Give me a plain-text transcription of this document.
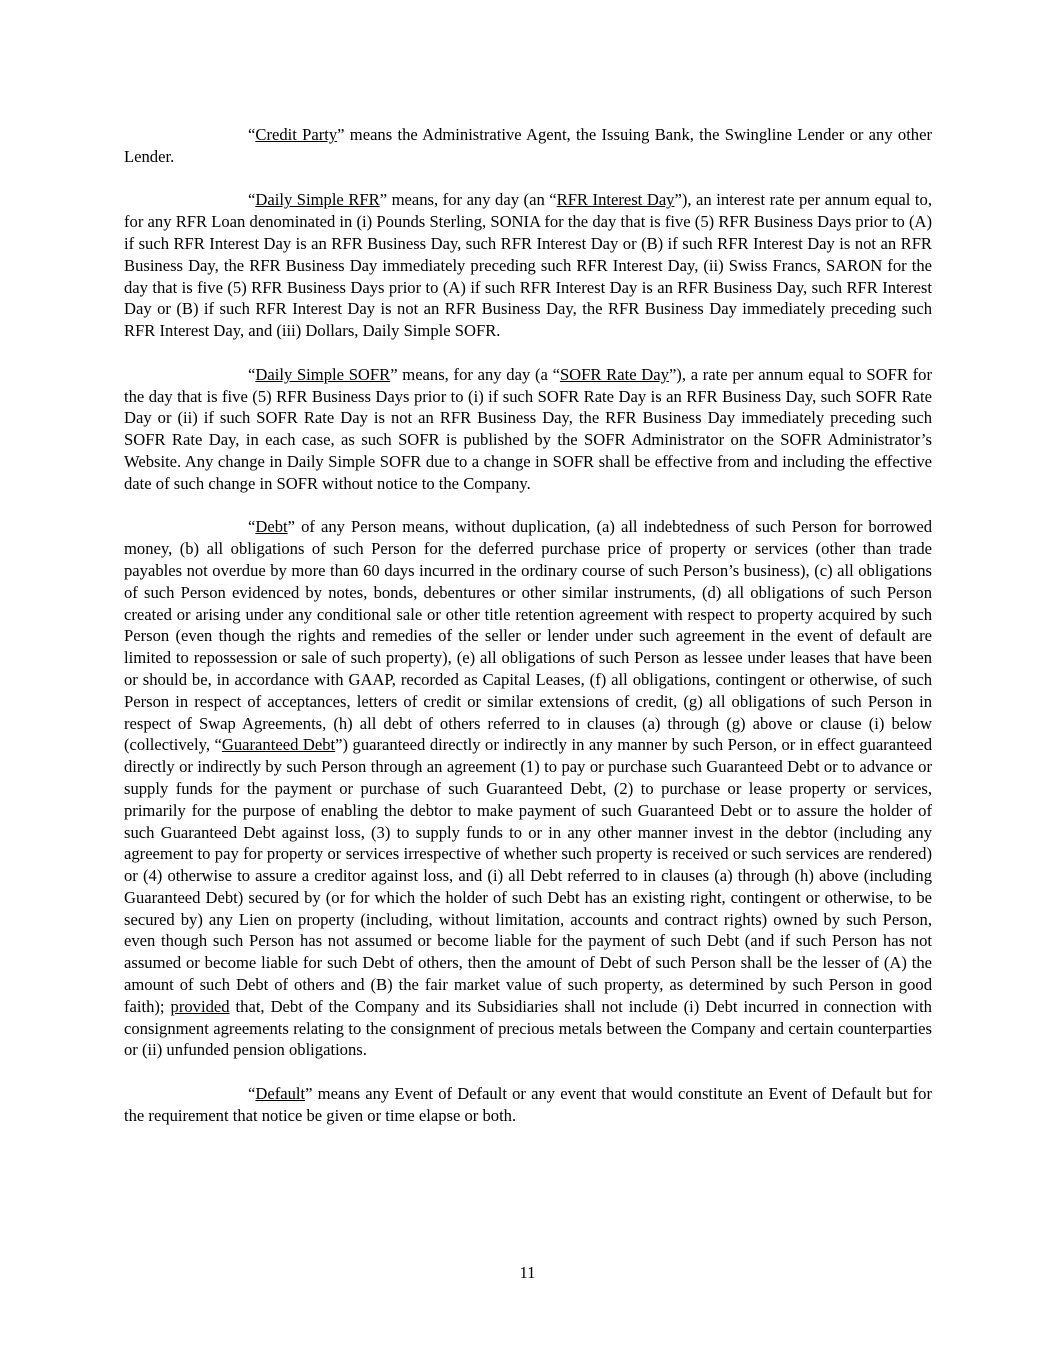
“Credit Party” means the Administrative Agent, the Issuing Bank, the Swingline Lender or any other Lender.

“Daily Simple RFR” means, for any day (an “RFR Interest Day”), an interest rate per annum equal to, for any RFR Loan denominated in (i) Pounds Sterling, SONIA for the day that is five (5) RFR Business Days prior to (A) if such RFR Interest Day is an RFR Business Day, such RFR Interest Day or (B) if such RFR Interest Day is not an RFR Business Day, the RFR Business Day immediately preceding such RFR Interest Day, (ii) Swiss Francs, SARON for the day that is five (5) RFR Business Days prior to (A) if such RFR Interest Day is an RFR Business Day, such RFR Interest Day or (B) if such RFR Interest Day is not an RFR Business Day, the RFR Business Day immediately preceding such RFR Interest Day, and (iii) Dollars, Daily Simple SOFR.

“Daily Simple SOFR” means, for any day (a “SOFR Rate Day”), a rate per annum equal to SOFR for the day that is five (5) RFR Business Days prior to (i) if such SOFR Rate Day is an RFR Business Day, such SOFR Rate Day or (ii) if such SOFR Rate Day is not an RFR Business Day, the RFR Business Day immediately preceding such SOFR Rate Day, in each case, as such SOFR is published by the SOFR Administrator on the SOFR Administrator’s Website. Any change in Daily Simple SOFR due to a change in SOFR shall be effective from and including the effective date of such change in SOFR without notice to the Company.

“Debt” of any Person means, without duplication, (a) all indebtedness of such Person for borrowed money, (b) all obligations of such Person for the deferred purchase price of property or services (other than trade payables not overdue by more than 60 days incurred in the ordinary course of such Person’s business), (c) all obligations of such Person evidenced by notes, bonds, debentures or other similar instruments, (d) all obligations of such Person created or arising under any conditional sale or other title retention agreement with respect to property acquired by such Person (even though the rights and remedies of the seller or lender under such agreement in the event of default are limited to repossession or sale of such property), (e) all obligations of such Person as lessee under leases that have been or should be, in accordance with GAAP, recorded as Capital Leases, (f) all obligations, contingent or otherwise, of such Person in respect of acceptances, letters of credit or similar extensions of credit, (g) all obligations of such Person in respect of Swap Agreements, (h) all debt of others referred to in clauses (a) through (g) above or clause (i) below (collectively, “Guaranteed Debt”) guaranteed directly or indirectly in any manner by such Person, or in effect guaranteed directly or indirectly by such Person through an agreement (1) to pay or purchase such Guaranteed Debt or to advance or supply funds for the payment or purchase of such Guaranteed Debt, (2) to purchase or lease property or services, primarily for the purpose of enabling the debtor to make payment of such Guaranteed Debt or to assure the holder of such Guaranteed Debt against loss, (3) to supply funds to or in any other manner invest in the debtor (including any agreement to pay for property or services irrespective of whether such property is received or such services are rendered) or (4) otherwise to assure a creditor against loss, and (i) all Debt referred to in clauses (a) through (h) above (including Guaranteed Debt) secured by (or for which the holder of such Debt has an existing right, contingent or otherwise, to be secured by) any Lien on property (including, without limitation, accounts and contract rights) owned by such Person, even though such Person has not assumed or become liable for the payment of such Debt (and if such Person has not assumed or become liable for such Debt of others, then the amount of Debt of such Person shall be the lesser of (A) the amount of such Debt of others and (B) the fair market value of such property, as determined by such Person in good faith); provided that, Debt of the Company and its Subsidiaries shall not include (i) Debt incurred in connection with consignment agreements relating to the consignment of precious metals between the Company and certain counterparties or (ii) unfunded pension obligations.

“Default” means any Event of Default or any event that would constitute an Event of Default but for the requirement that notice be given or time elapse or both.

11
